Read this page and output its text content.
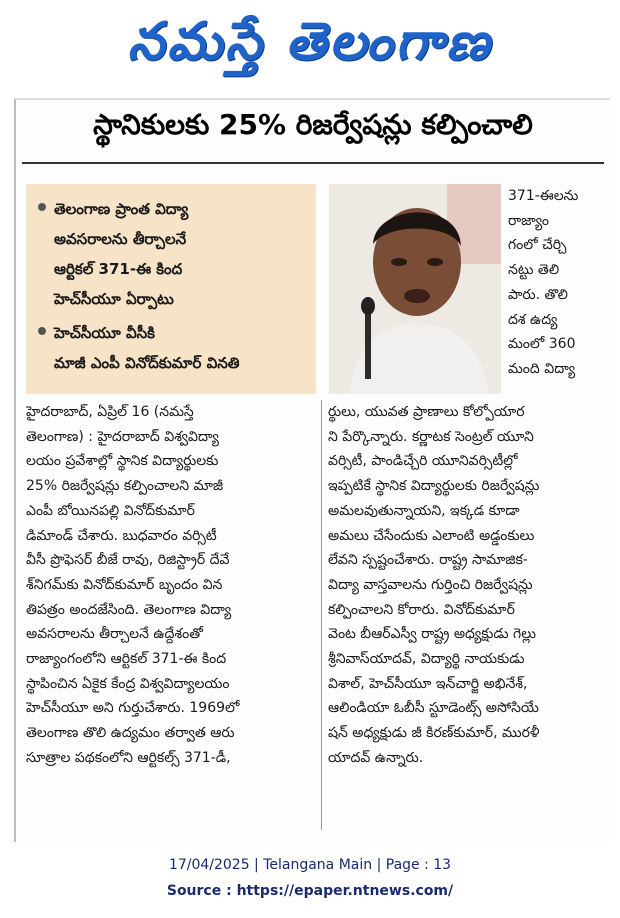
నమస్తే తెలంగాణ
స్థానికులకు 25% రిజర్వేషన్లు కల్పించాలి
తెలంగాణ ప్రాంత విద్యా
అవసరాలను తీర్చాలనే
ఆర్టికల్ 371-ఈ కింద
హెచ్‌సీయూ ఏర్పాటు
హెచ్‌సీయూ వీసీకి
మాజీ ఎంపీ వినోద్‌కుమార్ వినతి
371-ఈలను
రాజ్యాం
గంలో చేర్చి
నట్టు తెలి
పారు. తొలి
దశ ఉద్య
మంలో 360
మంది విద్యా
హైదరాబాద్, ఏప్రిల్ 16 (నమస్తే
తెలంగాణ) : హైదరాబాద్ విశ్వవిద్యా
లయం ప్రవేశాల్లో స్థానిక విద్యార్థులకు
25% రిజర్వేషన్లు కల్పించాలని మాజీ
ఎంపీ బోయినపల్లి వినోద్‌కుమార్
డిమాండ్ చేశారు. బుధవారం వర్సిటీ
వీసీ ప్రొఫెసర్ బీజే రావు, రిజిస్ట్రార్ దేవే
శ్‌నిగమ్‌కు వినోద్‌కుమార్ బృందం విన
తిపత్రం అందజేసింది. తెలంగాణ విద్యా
అవసరాలను తీర్చాలనే ఉద్దేశంతో
రాజ్యాంగంలోని ఆర్టికల్ 371-ఈ కింద
స్థాపించిన ఏకైక కేంద్ర విశ్వవిద్యాలయం
హెచ్‌సీయూ అని గుర్తుచేశారు. 1969లో
తెలంగాణ తొలి ఉద్యమం తర్వాత ఆరు
సూత్రాల పథకంలోని ఆర్టికల్స్ 371-డీ,
ర్థులు, యువత ప్రాణాలు కోల్పోయార
ని పేర్కొన్నారు. కర్ణాటక సెంట్రల్ యూని
వర్సిటీ, పాండిచ్చేరి యూనివర్సిటీల్లో
ఇప్పటికే స్థానిక విద్యార్థులకు రిజర్వేషన్లు
అమలవుతున్నాయని, ఇక్కడ కూడా
అమలు చేసేందుకు ఎలాంటి అడ్డంకులు
లేవని స్పష్టంచేశారు. రాష్ట్ర సామాజిక-
విద్యా వాస్తవాలను గుర్తించి రిజర్వేషన్లు
కల్పించాలని కోరారు. వినోద్‌కుమార్
వెంట బీఆర్‌ఎస్వీ రాష్ట్ర అధ్యక్షుడు గెల్లు
శ్రీనివాస్‌యాదవ్, విద్యార్థి నాయకుడు
విశాల్, హెచ్‌సీయూ ఇన్‌చార్జి అభినేశ్,
ఆలిండియా ఓబీసీ స్టూడెంట్స్ అసోసియే
షన్ అధ్యక్షుడు జీ కిరణ్‌కుమార్, మురళీ
యాదవ్ ఉన్నారు.
17/04/2025 | Telangana Main | Page : 13
Source : https://epaper.ntnews.com/
